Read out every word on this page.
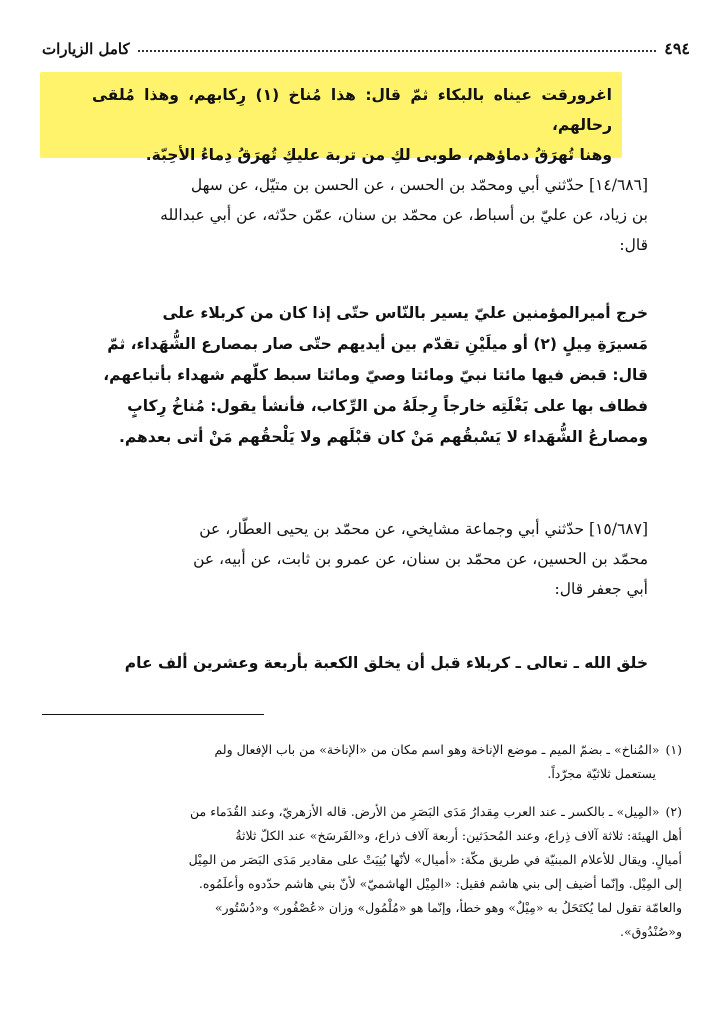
٤٩٤
كامل الزيارات
اغرورقت عيناه بالبكاء ثمّ قال: هذا مُناخ (١) رِكابهم، وهذا مُلقى رحالهم،
وهنا تُهرَقُ دماؤهم، طوبى لكِ من تربة عليكِ تُهرَقُ دِماءُ الأحِبّة.
[١٤/٦٨٦] حدّثني أبي ومحمّد بن الحسن ، عن الحسن بن متيّل، عن سهل
بن زياد، عن عليّ بن أسباط، عن محمّد بن سنان، عمّن حدّثه، عن أبي عبدالله
قال:
خرج أميرالمؤمنين عليّ يسير بالنّاس حتّى إذا كان من كربلاء على
مَسيرَةِ مِيلٍ (٢) أو ميلَيْنِ تقدّم بين أيديهم حتّى صار بمصارع الشُّهَداء، ثمّ
قال: قبض فيها مائتا نبيّ ومائتا وصيّ ومائتا سبط كلّهم شهداء بأتباعهم،
فطاف بها على بَغْلَتِه خارجاً رِجلَهُ من الرِّكاب، فأنشأ يقول: مُناخُ رِكابٍ
ومصارعُ الشُّهَداء لا يَسْبقُهم مَنْ كان قبْلَهم ولا يَلْحقُهم مَنْ أتى بعدهم.
[١٥/٦٨٧] حدّثني أبي وجماعة مشايخي، عن محمّد بن يحيى العطّار، عن
محمّد بن الحسين، عن محمّد بن سنان، عن عمرو بن ثابت، عن أبيه، عن
أبي جعفر قال:
خلق الله ـ تعالى ـ كربلاء قبل أن يخلق الكعبة بأربعة وعشرين ألف عام
(١)«المُناخ» ـ بضمّ الميم ـ موضع الإناخة وهو اسم مكان من «الإناخة» من باب الإفعال ولم
يستعمل ثلاثيّة مجرّداً.
(٢)«المِيل» ـ بالكسر ـ عند العرب مِقدارُ مَدَى البَصَرِ من الأرض. قاله الأزهريّ، وعند القُدَماء من
أهل الهيئة: ثلاثة آلاف ذِراع، وعند المُحدَثين: أربعة آلاف ذراع، و«الفَرسَخ» عند الكلّ ثلاثةُ
أميالٍ. ويقال للأعلام المبنيّة في طريق مكّة: «أميال» لأنّها بُنِيَتْ على مقادير مَدَى البَصَر من المِيْل
إلى المِيْل. وإنّما أضيف إلى بني هاشم فقيل: «المِيْل الهاشميّ» لأنّ بني هاشم حدّدوه وأعلَمُوه.
والعامّة تقول لما يُكتَحَلُ به «مِيْلٌ» وهو خطأ، وإنّما هو «مُلْمُول» وزان «عُصْفُور» و«دُسْتُور»
و«صُنْدُوق».
